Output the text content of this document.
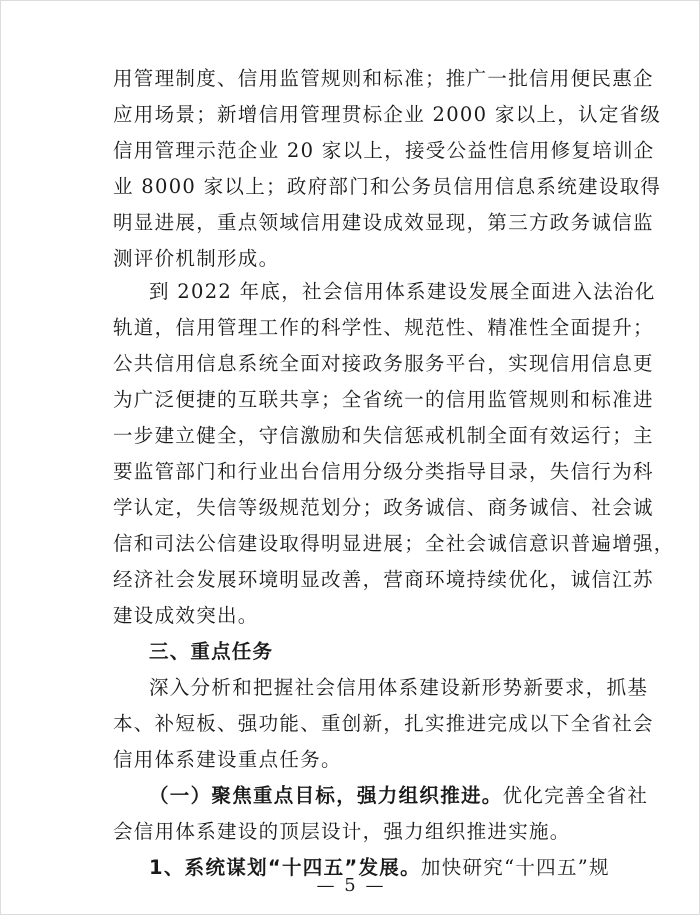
用管理制度、信用监管规则和标准；推广一批信用便民惠企
应用场景；新增信用管理贯标企业 2000 家以上，认定省级
信用管理示范企业 20 家以上，接受公益性信用修复培训企
业 8000 家以上；政府部门和公务员信用信息系统建设取得
明显进展，重点领域信用建设成效显现，第三方政务诚信监
测评价机制形成。
到 2022 年底，社会信用体系建设发展全面进入法治化
轨道，信用管理工作的科学性、规范性、精准性全面提升；
公共信用信息系统全面对接政务服务平台，实现信用信息更
为广泛便捷的互联共享；全省统一的信用监管规则和标准进
一步建立健全，守信激励和失信惩戒机制全面有效运行；主
要监管部门和行业出台信用分级分类指导目录，失信行为科
学认定，失信等级规范划分；政务诚信、商务诚信、社会诚
信和司法公信建设取得明显进展；全社会诚信意识普遍增强，
经济社会发展环境明显改善，营商环境持续优化，诚信江苏
建设成效突出。
三、重点任务
深入分析和把握社会信用体系建设新形势新要求，抓基
本、补短板、强功能、重创新，扎实推进完成以下全省社会
信用体系建设重点任务。
（一）聚焦重点目标，强力组织推进。优化完善全省社
会信用体系建设的顶层设计，强力组织推进实施。
1、系统谋划“十四五”发展。加快研究“十四五”规
— 5 —
